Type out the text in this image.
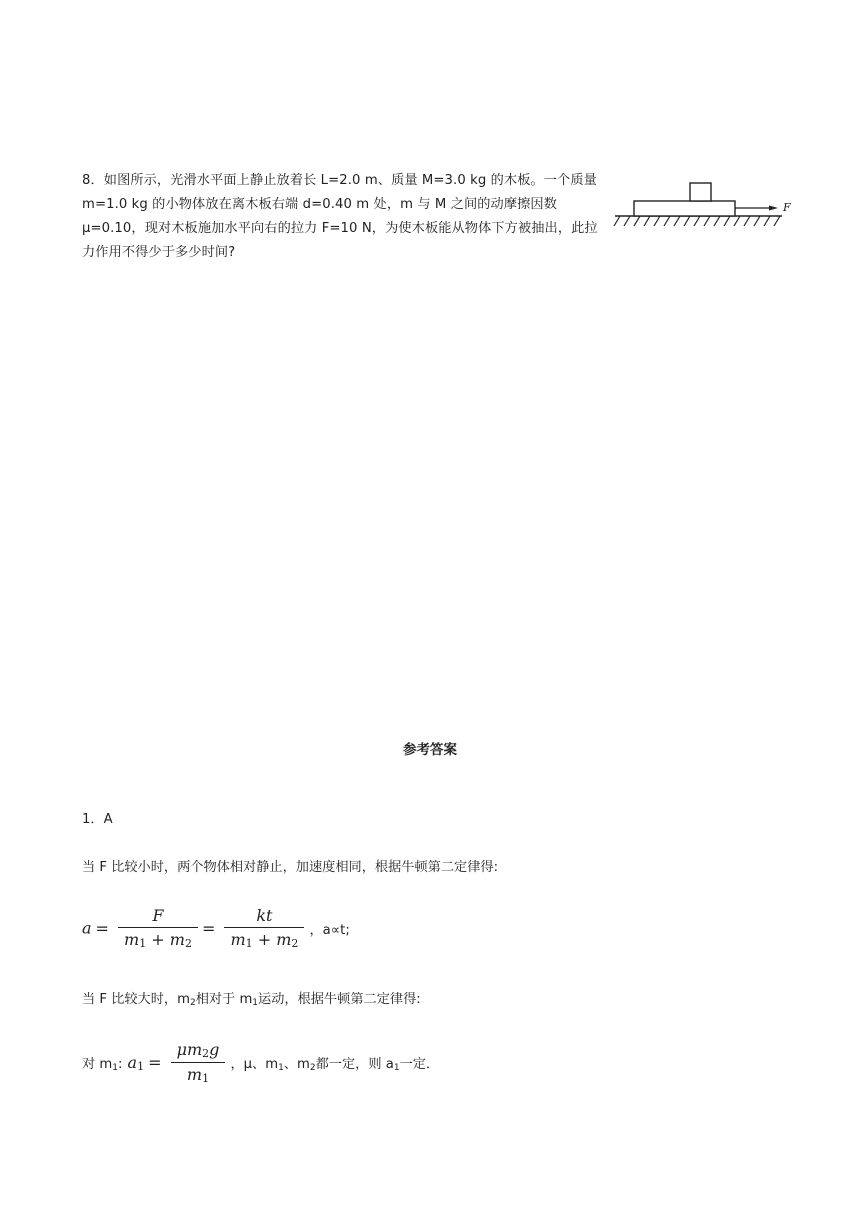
8．如图所示，光滑水平面上静止放着长 L=2.0 m、质量 M=3.0 kg 的木板。一个质量 m=1.0 kg 的小物体放在离木板右端 d=0.40 m 处，m 与 M 之间的动摩擦因数μ=0.10，现对木板施加水平向右的拉力 F=10 N，为使木板能从物体下方被抽出，此拉力作用不得少于多少时间?

F
参考答案
1．A
当 F 比较小时，两个物体相对静止，加速度相同，根据牛顿第二定律得:
$a = \frac{F}{m_1 + m_2} = \frac{kt}{m_1 + m_2}$ ，a∝t;
当 F 比较大时，$m_2$相对于 $m_1$运动，根据牛顿第二定律得:
对 $m_1$: $a_1 = \frac{\mu m_2g}{m_1}$ ，μ、$m_1$、$m_2$都一定，则 $a_1$一定．
